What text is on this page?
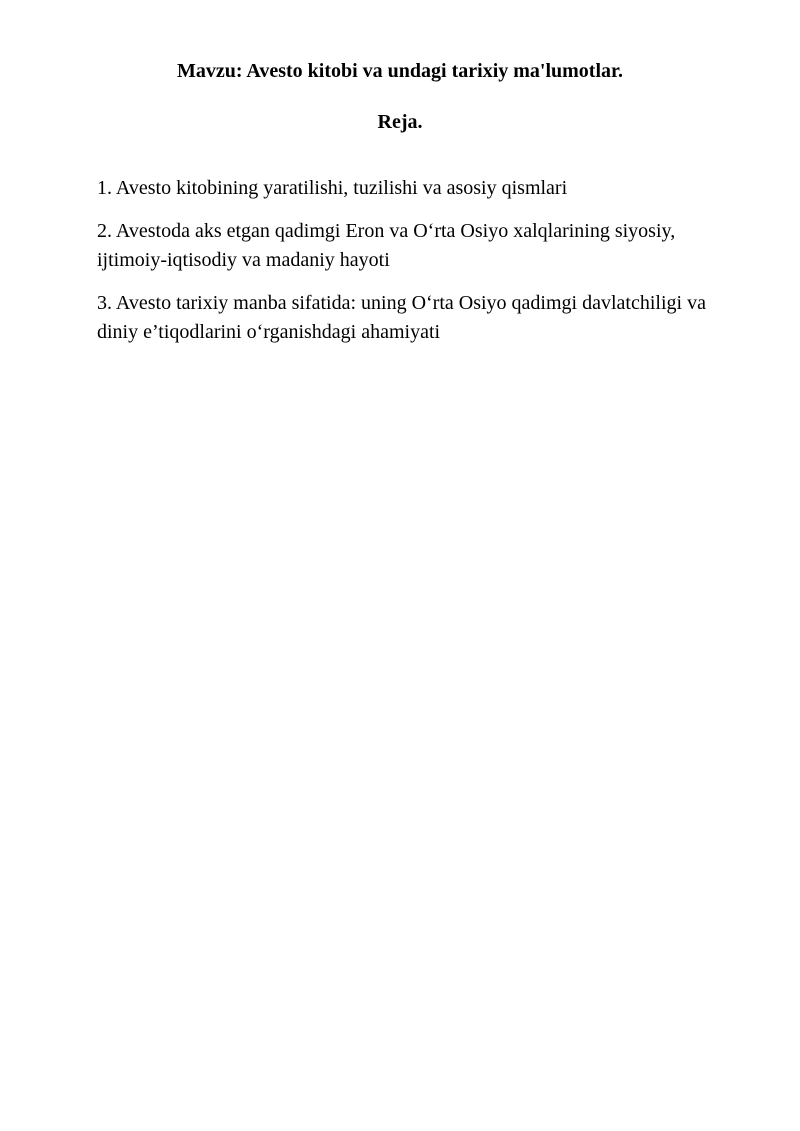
Mavzu: Avesto kitobi va undagi tarixiy ma'lumotlar.
Reja.
1. Avesto kitobining yaratilishi, tuzilishi va asosiy qismlari
2. Avestoda aks etgan qadimgi Eron va O‘rta Osiyo xalqlarining siyosiy, ijtimoiy-iqtisodiy va madaniy hayoti
3. Avesto tarixiy manba sifatida: uning O‘rta Osiyo qadimgi davlatchiligi va diniy e’tiqodlarini o‘rganishdagi ahamiyati
